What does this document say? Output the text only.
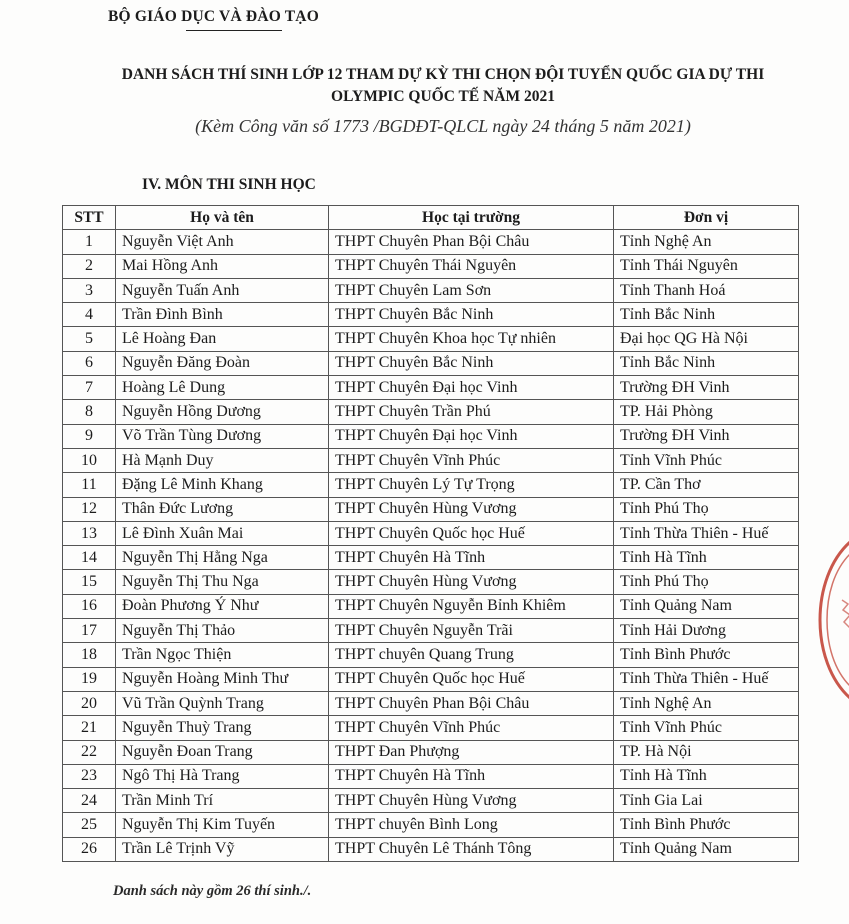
BỘ GIÁO DỤC VÀ ĐÀO TẠO
DANH SÁCH THÍ SINH LỚP 12 THAM DỰ KỲ THI CHỌN ĐỘI TUYỂN QUỐC GIA DỰ THI
OLYMPIC QUỐC TẾ NĂM 2021
(Kèm Công văn số 1773 /BGDĐT-QLCL ngày 24 tháng 5 năm 2021)
IV. MÔN THI SINH HỌC
STT	Họ và tên	Học tại trường	Đơn vị
1	Nguyễn Việt Anh	THPT Chuyên Phan Bội Châu	Tỉnh Nghệ An
2	Mai Hồng Anh	THPT Chuyên Thái Nguyên	Tỉnh Thái Nguyên
3	Nguyễn Tuấn Anh	THPT Chuyên Lam Sơn	Tỉnh Thanh Hoá
4	Trần Đình Bình	THPT Chuyên Bắc Ninh	Tỉnh Bắc Ninh
5	Lê Hoàng Đan	THPT Chuyên Khoa học Tự nhiên	Đại học QG Hà Nội
6	Nguyễn Đăng Đoàn	THPT Chuyên Bắc Ninh	Tỉnh Bắc Ninh
7	Hoàng Lê Dung	THPT Chuyên Đại học Vinh	Trường ĐH Vinh
8	Nguyễn Hồng Dương	THPT Chuyên Trần Phú	TP. Hải Phòng
9	Võ Trần Tùng Dương	THPT Chuyên Đại học Vinh	Trường ĐH Vinh
10	Hà Mạnh Duy	THPT Chuyên Vĩnh Phúc	Tỉnh Vĩnh Phúc
11	Đặng Lê Minh Khang	THPT Chuyên Lý Tự Trọng	TP. Cần Thơ
12	Thân Đức Lương	THPT Chuyên Hùng Vương	Tỉnh Phú Thọ
13	Lê Đình Xuân Mai	THPT Chuyên Quốc học Huế	Tỉnh Thừa Thiên - Huế
14	Nguyễn Thị Hằng Nga	THPT Chuyên Hà Tĩnh	Tỉnh Hà Tĩnh
15	Nguyễn Thị Thu Nga	THPT Chuyên Hùng Vương	Tỉnh Phú Thọ
16	Đoàn Phương Ý Như	THPT Chuyên Nguyễn Bỉnh Khiêm	Tỉnh Quảng Nam
17	Nguyễn Thị Thảo	THPT Chuyên Nguyễn Trãi	Tỉnh Hải Dương
18	Trần Ngọc Thiện	THPT chuyên Quang Trung	Tỉnh Bình Phước
19	Nguyễn Hoàng Minh Thư	THPT Chuyên Quốc học Huế	Tỉnh Thừa Thiên - Huế
20	Vũ Trần Quỳnh Trang	THPT Chuyên Phan Bội Châu	Tỉnh Nghệ An
21	Nguyễn Thuỳ Trang	THPT Chuyên Vĩnh Phúc	Tỉnh Vĩnh Phúc
22	Nguyễn Đoan Trang	THPT Đan Phượng	TP. Hà Nội
23	Ngô Thị Hà Trang	THPT Chuyên Hà Tĩnh	Tỉnh Hà Tĩnh
24	Trần Minh Trí	THPT Chuyên Hùng Vương	Tỉnh Gia Lai
25	Nguyễn Thị Kim Tuyến	THPT chuyên Bình Long	Tỉnh Bình Phước
26	Trần Lê Trịnh Vỹ	THPT Chuyên Lê Thánh Tông	Tỉnh Quảng Nam
Danh sách này gồm 26 thí sinh./.
